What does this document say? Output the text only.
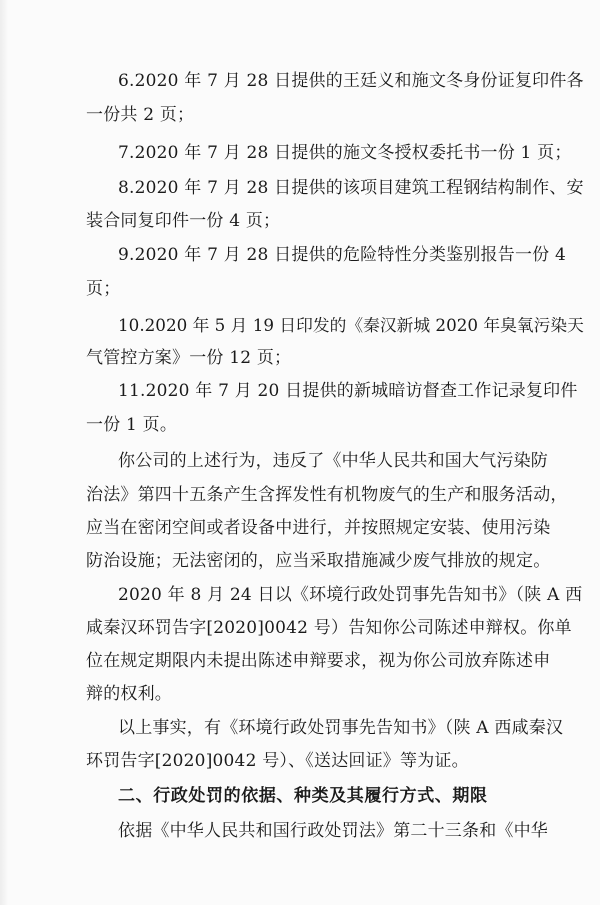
6.2020 年 7 月 28 日提供的王廷义和施文冬身份证复印件各
一份共 2 页；
7.2020 年 7 月 28 日提供的施文冬授权委托书一份 1 页；
8.2020 年 7 月 28 日提供的该项目建筑工程钢结构制作、安
装合同复印件一份 4 页；
9.2020 年 7 月 28 日提供的危险特性分类鉴别报告一份 4
页；
10.2020 年 5 月 19 日印发的《秦汉新城 2020 年臭氧污染天
气管控方案》一份 12 页；
11.2020 年 7 月 20 日提供的新城暗访督查工作记录复印件
一份 1 页。
你公司的上述行为，违反了《中华人民共和国大气污染防
治法》第四十五条产生含挥发性有机物废气的生产和服务活动，
应当在密闭空间或者设备中进行，并按照规定安装、使用污染
防治设施；无法密闭的，应当采取措施减少废气排放的规定。
2020 年 8 月 24 日以《环境行政处罚事先告知书》（陕 A 西
咸秦汉环罚告字[2020]0042 号）告知你公司陈述申辩权。你单
位在规定期限内未提出陈述申辩要求，视为你公司放弃陈述申
辩的权利。
以上事实，有《环境行政处罚事先告知书》（陕 A 西咸秦汉
环罚告字[2020]0042 号）、《送达回证》等为证。
二、行政处罚的依据、种类及其履行方式、期限
依据《中华人民共和国行政处罚法》第二十三条和《中华
